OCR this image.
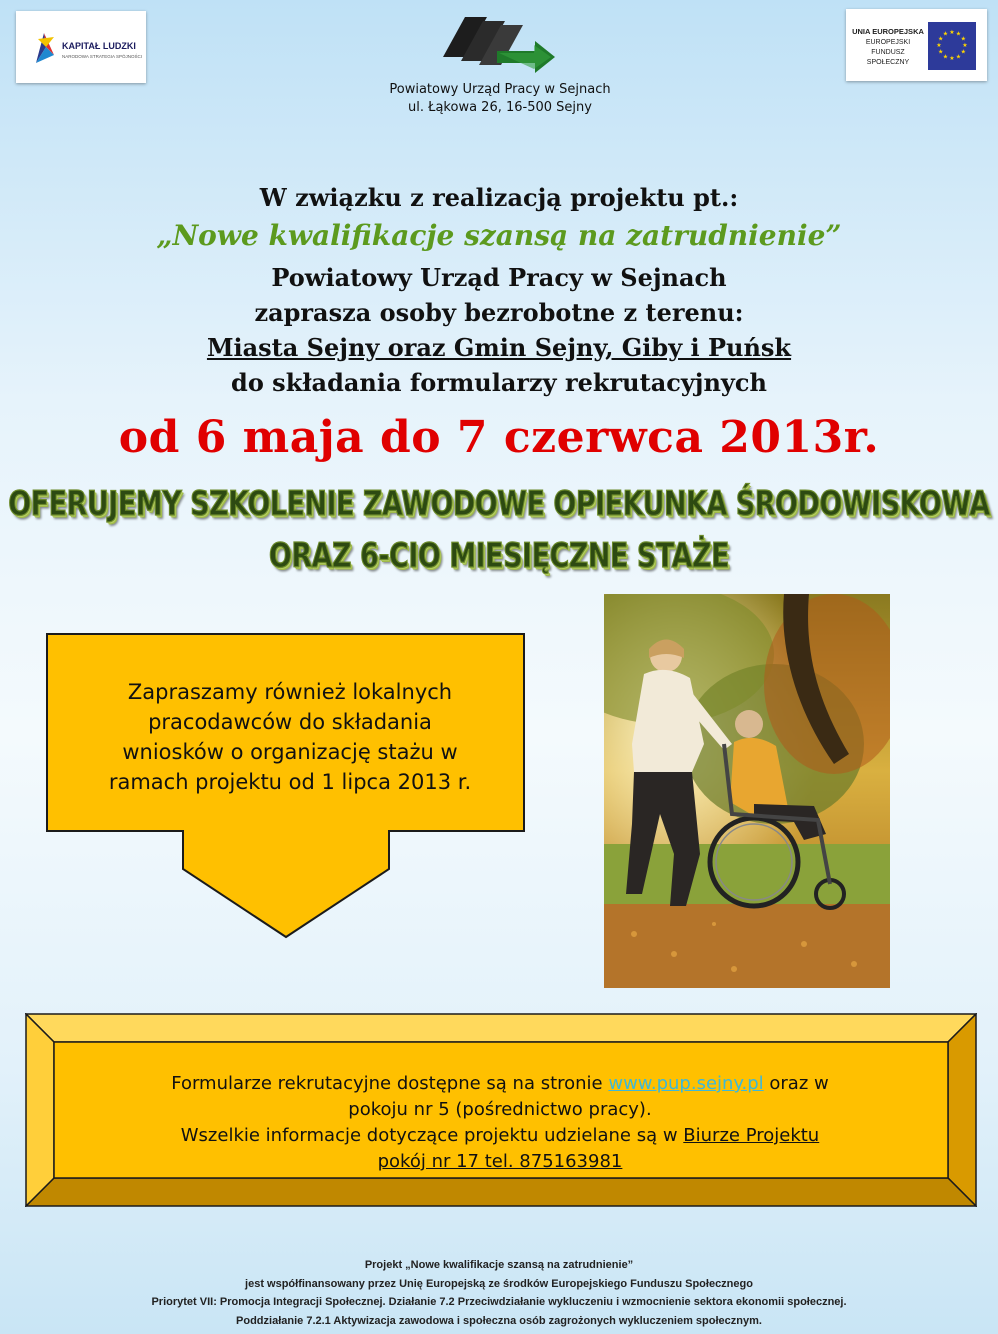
KAPITAŁ LUDZKI
NARODOWA STRATEGIA SPÓJNOŚCI
UNIA EUROPEJSKA
EUROPEJSKI
FUNDUSZ SPOŁECZNY
★ ★
★
★
★
★
★
★
★
★
★
★
Powiatowy Urząd Pracy w Sejnach
ul. Łąkowa 26, 16-500 Sejny
W związku z realizacją projektu pt.:
„Nowe kwalifikacje szansą na zatrudnienie”
Powiatowy Urząd Pracy w Sejnach
zaprasza osoby bezrobotne z terenu:
Miasta Sejny oraz Gmin Sejny, Giby i Puńsk
do składania formularzy rekrutacyjnych
od 6 maja do 7 czerwca 2013r.
OFERUJEMY SZKOLENIE ZAWODOWE OPIEKUNKA ŚRODOWISKOWA
ORAZ 6-CIO MIESIĘCZNE STAŻE
Zapraszamy również lokalnych
pracodawców do składania
wniosków o organizację stażu w
ramach projektu od 1 lipca 2013 r.
Formularze rekrutacyjne dostępne są na stronie www.pup.sejny.pl oraz w
pokoju nr 5 (pośrednictwo pracy).
Wszelkie informacje dotyczące projektu udzielane są w Biurze Projektu
pokój nr 17 tel. 875163981
Projekt „Nowe kwalifikacje szansą na zatrudnienie”
jest współfinansowany przez Unię Europejską ze środków Europejskiego Funduszu Społecznego
Priorytet VII: Promocja Integracji Społecznej. Działanie 7.2 Przeciwdziałanie wykluczeniu i wzmocnienie sektora ekonomii społecznej.
Poddziałanie 7.2.1 Aktywizacja zawodowa i społeczna osób zagrożonych wykluczeniem społecznym.
